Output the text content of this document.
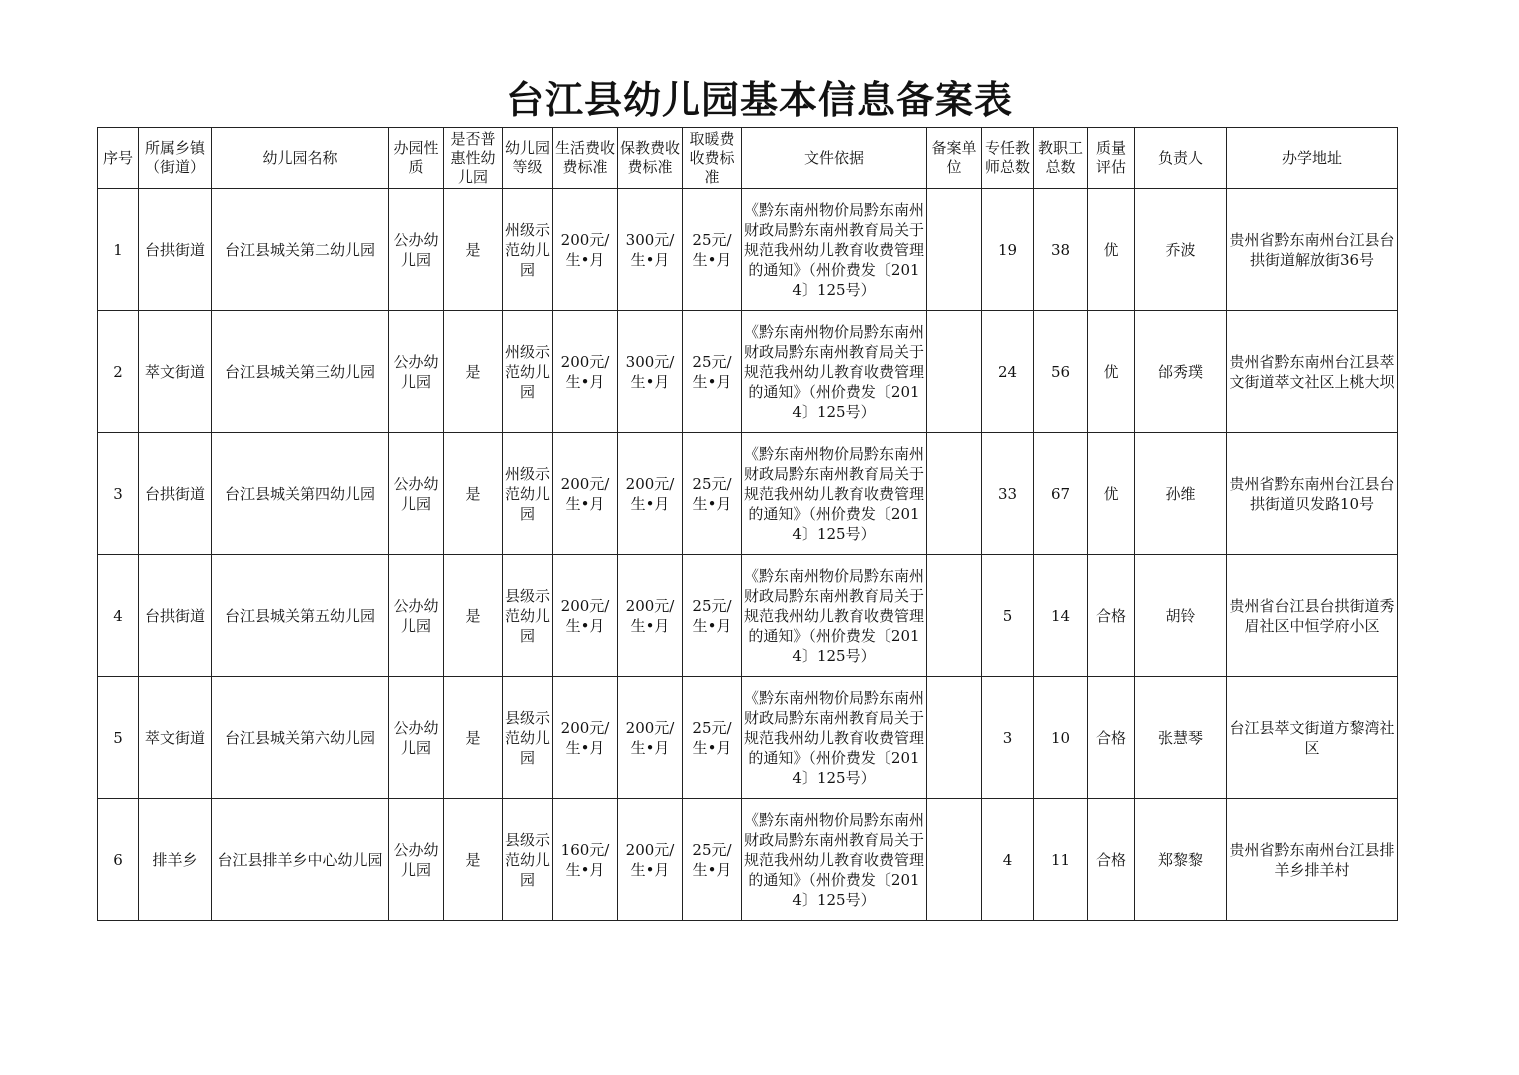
台江县幼儿园基本信息备案表
序号	所属乡镇（街道）	幼儿园名称	办园性质	是否普惠性幼儿园	幼儿园等级	生活费收费标准	保教费收费标准	取暖费收费标准	文件依据	备案单位	专任教师总数	教职工总数	质量评估	负责人	办学地址
1	台拱街道	台江县城关第二幼儿园	公办幼儿园	是	州级示范幼儿园	200元/生•月	300元/生•月	25元/生•月	《黔东南州物价局黔东南州财政局黔东南州教育局关于规范我州幼儿教育收费管理的通知》（州价费发〔2014〕125号）		19	38	优	乔波	贵州省黔东南州台江县台拱街道解放街36号
2	萃文街道	台江县城关第三幼儿园	公办幼儿园	是	州级示范幼儿园	200元/生•月	300元/生•月	25元/生•月	《黔东南州物价局黔东南州财政局黔东南州教育局关于规范我州幼儿教育收费管理的通知》（州价费发〔2014〕125号）		24	56	优	邰秀璞	贵州省黔东南州台江县萃文街道萃文社区上桃大坝
3	台拱街道	台江县城关第四幼儿园	公办幼儿园	是	州级示范幼儿园	200元/生•月	200元/生•月	25元/生•月	《黔东南州物价局黔东南州财政局黔东南州教育局关于规范我州幼儿教育收费管理的通知》（州价费发〔2014〕125号）		33	67	优	孙维	贵州省黔东南州台江县台拱街道贝发路10号
4	台拱街道	台江县城关第五幼儿园	公办幼儿园	是	县级示范幼儿园	200元/生•月	200元/生•月	25元/生•月	《黔东南州物价局黔东南州财政局黔东南州教育局关于规范我州幼儿教育收费管理的通知》（州价费发〔2014〕125号）		5	14	合格	胡铃	贵州省台江县台拱街道秀眉社区中恒学府小区
5	萃文街道	台江县城关第六幼儿园	公办幼儿园	是	县级示范幼儿园	200元/生•月	200元/生•月	25元/生•月	《黔东南州物价局黔东南州财政局黔东南州教育局关于规范我州幼儿教育收费管理的通知》（州价费发〔2014〕125号）		3	10	合格	张慧琴	台江县萃文街道方黎湾社区
6	排羊乡	台江县排羊乡中心幼儿园	公办幼儿园	是	县级示范幼儿园	160元/生•月	200元/生•月	25元/生•月	《黔东南州物价局黔东南州财政局黔东南州教育局关于规范我州幼儿教育收费管理的通知》（州价费发〔2014〕125号）		4	11	合格	郑黎黎	贵州省黔东南州台江县排羊乡排羊村
